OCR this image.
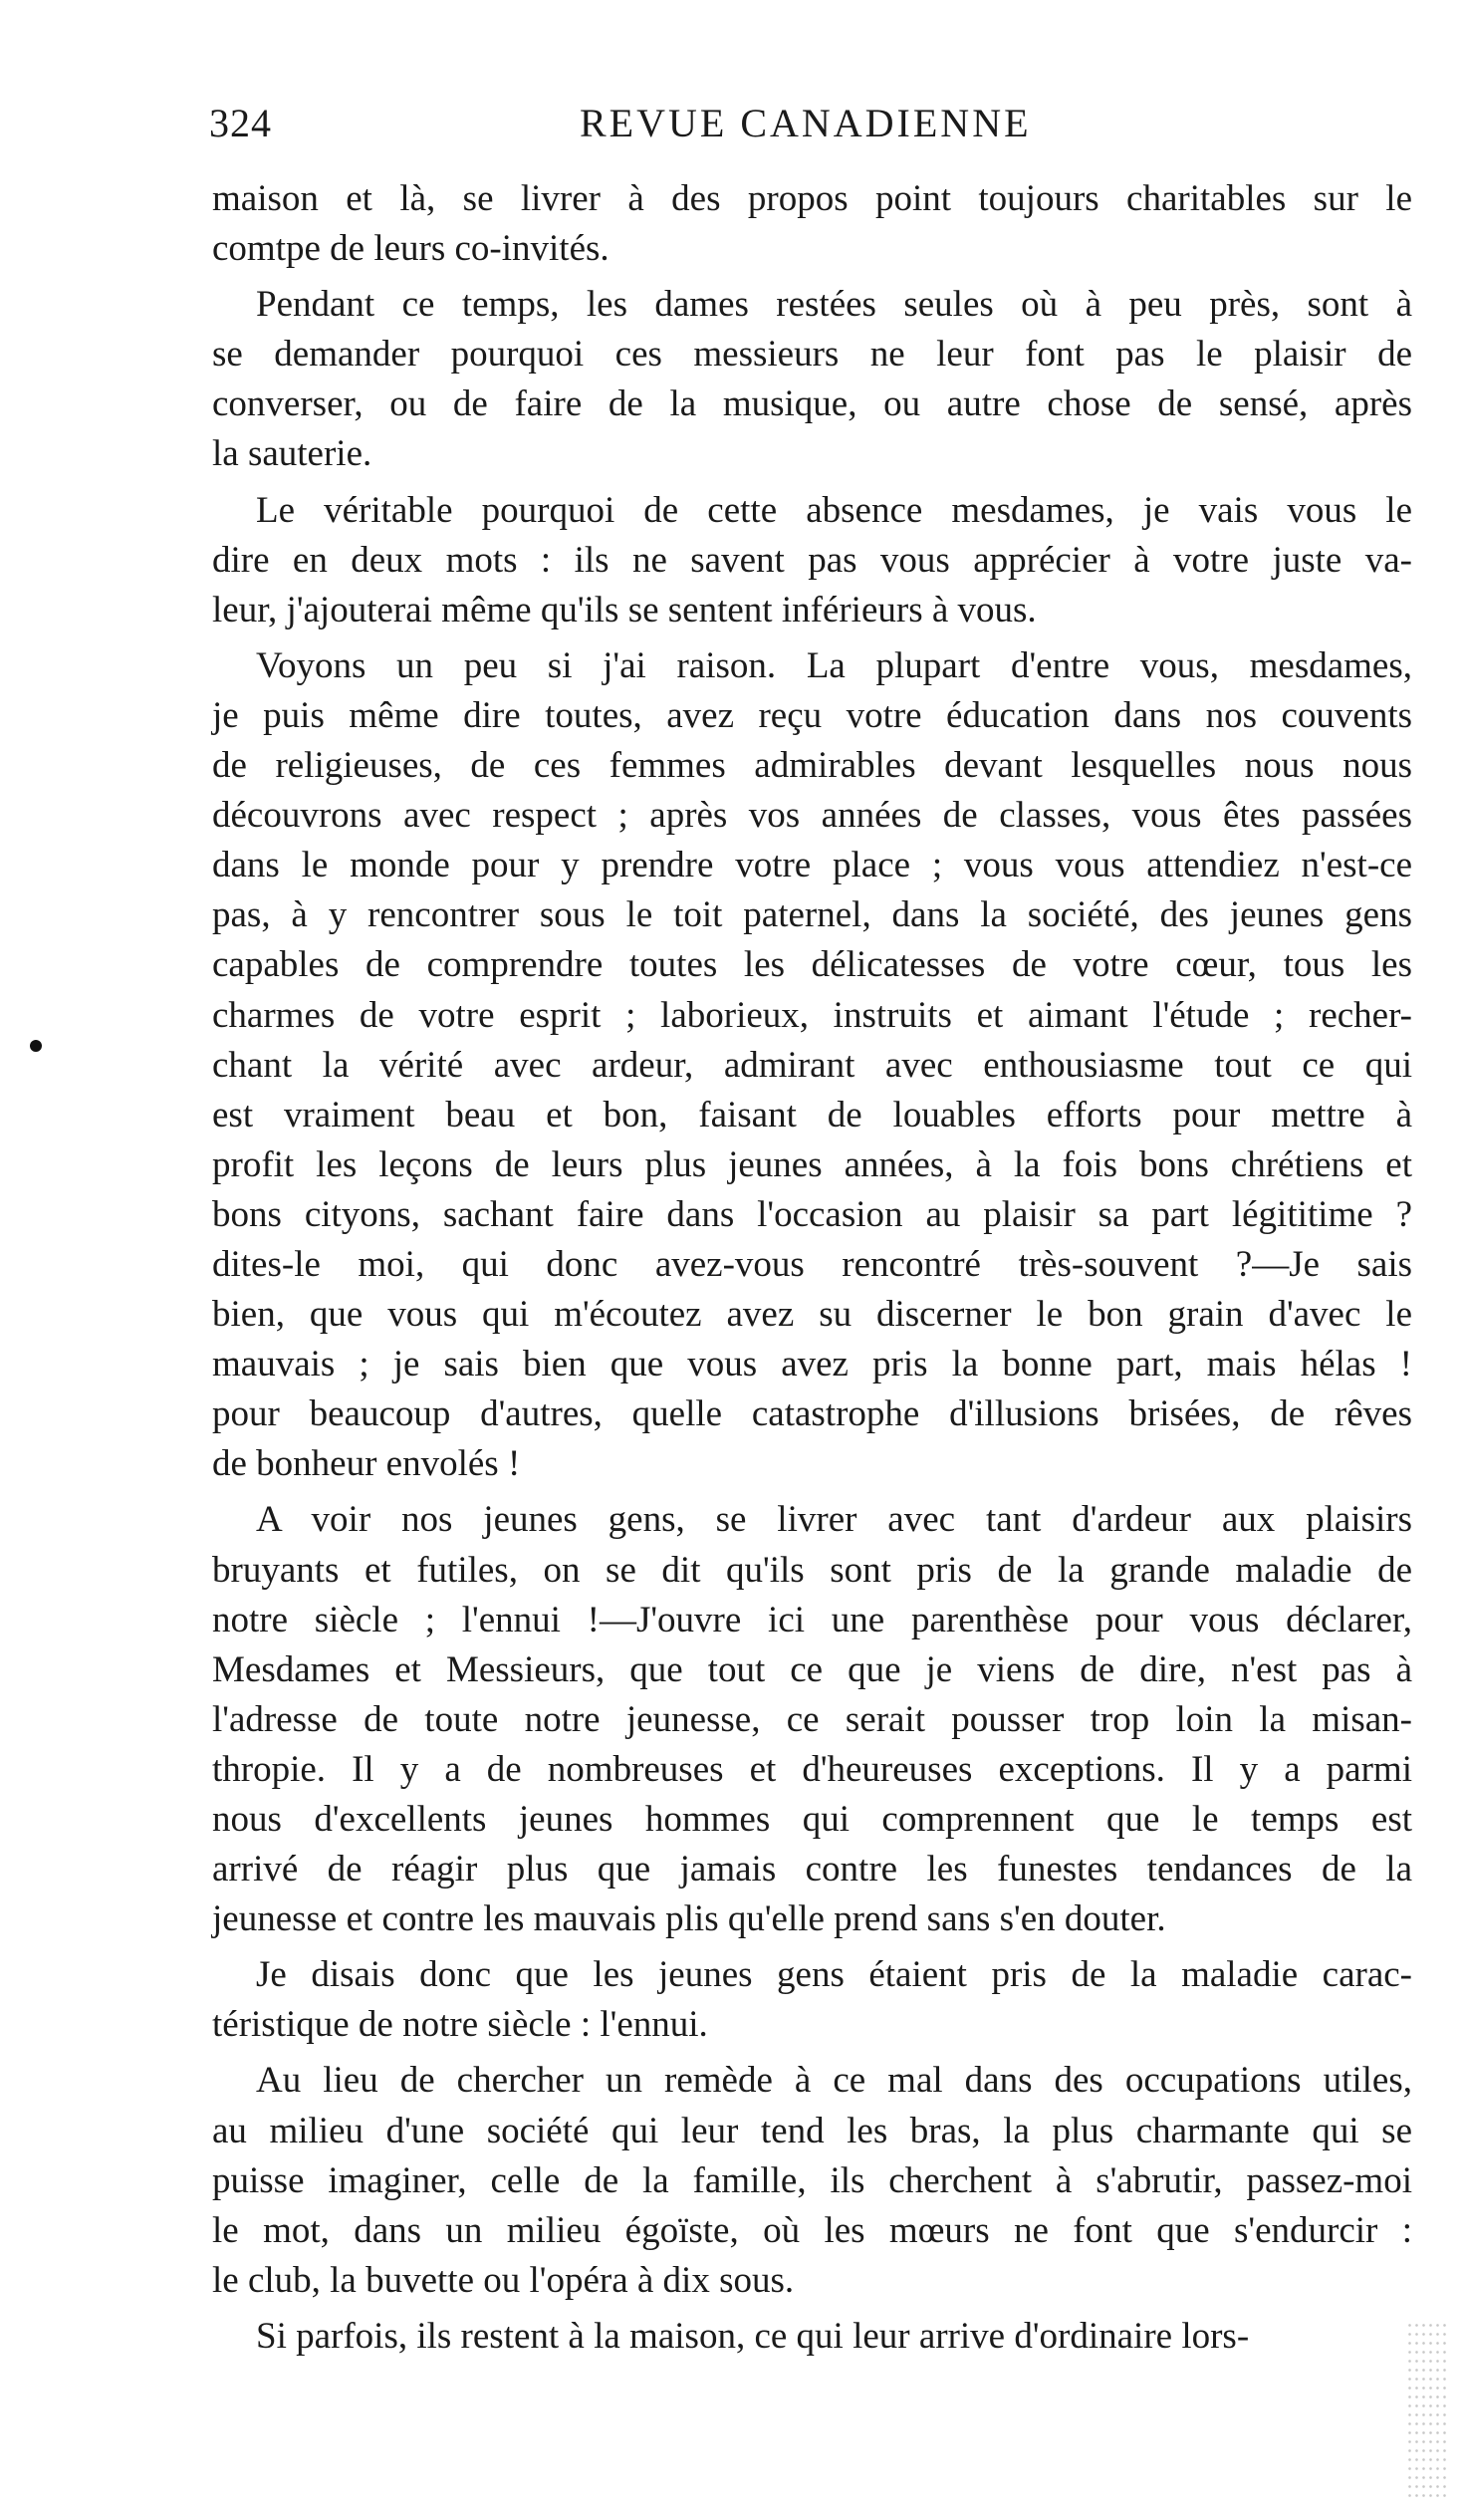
324	REVUE CANADIENNE
maison et là, se livrer à des propos point toujours charitables sur le
comtpe de leurs co-invités.
Pendant ce temps, les dames restées seules où à peu près, sont à
se demander pourquoi ces messieurs ne leur font pas le plaisir de
converser, ou de faire de la musique, ou autre chose de sensé, après
la sauterie.
Le véritable pourquoi de cette absence mesdames, je vais vous le
dire en deux mots : ils ne savent pas vous apprécier à votre juste va-
leur, j'ajouterai même qu'ils se sentent inférieurs à vous.
Voyons un peu si j'ai raison. La plupart d'entre vous, mesdames,
je puis même dire toutes, avez reçu votre éducation dans nos couvents
de religieuses, de ces femmes admirables devant lesquelles nous nous
découvrons avec respect ; après vos années de classes, vous êtes passées
dans le monde pour y prendre votre place ; vous vous attendiez n'est-ce
pas, à y rencontrer sous le toit paternel, dans la société, des jeunes gens
capables de comprendre toutes les délicatesses de votre cœur, tous les
charmes de votre esprit ; laborieux, instruits et aimant l'étude ; recher-
chant la vérité avec ardeur, admirant avec enthousiasme tout ce qui
est vraiment beau et bon, faisant de louables efforts pour mettre à
profit les leçons de leurs plus jeunes années, à la fois bons chrétiens et
bons cityons, sachant faire dans l'occasion au plaisir sa part légititime ?
dites-le moi, qui donc avez-vous rencontré très-souvent ?—Je sais
bien, que vous qui m'écoutez avez su discerner le bon grain d'avec le
mauvais ; je sais bien que vous avez pris la bonne part, mais hélas !
pour beaucoup d'autres, quelle catastrophe d'illusions brisées, de rêves
de bonheur envolés !
A voir nos jeunes gens, se livrer avec tant d'ardeur aux plaisirs
bruyants et futiles, on se dit qu'ils sont pris de la grande maladie de
notre siècle ; l'ennui !—J'ouvre ici une parenthèse pour vous déclarer,
Mesdames et Messieurs, que tout ce que je viens de dire, n'est pas à
l'adresse de toute notre jeunesse, ce serait pousser trop loin la misan-
thropie. Il y a de nombreuses et d'heureuses exceptions. Il y a parmi
nous d'excellents jeunes hommes qui comprennent que le temps est
arrivé de réagir plus que jamais contre les funestes tendances de la
jeunesse et contre les mauvais plis qu'elle prend sans s'en douter.
Je disais donc que les jeunes gens étaient pris de la maladie carac-
téristique de notre siècle : l'ennui.
Au lieu de chercher un remède à ce mal dans des occupations utiles,
au milieu d'une société qui leur tend les bras, la plus charmante qui se
puisse imaginer, celle de la famille, ils cherchent à s'abrutir, passez-moi
le mot, dans un milieu égoïste, où les mœurs ne font que s'endurcir :
le club, la buvette ou l'opéra à dix sous.
Si parfois, ils restent à la maison, ce qui leur arrive d'ordinaire lors-
